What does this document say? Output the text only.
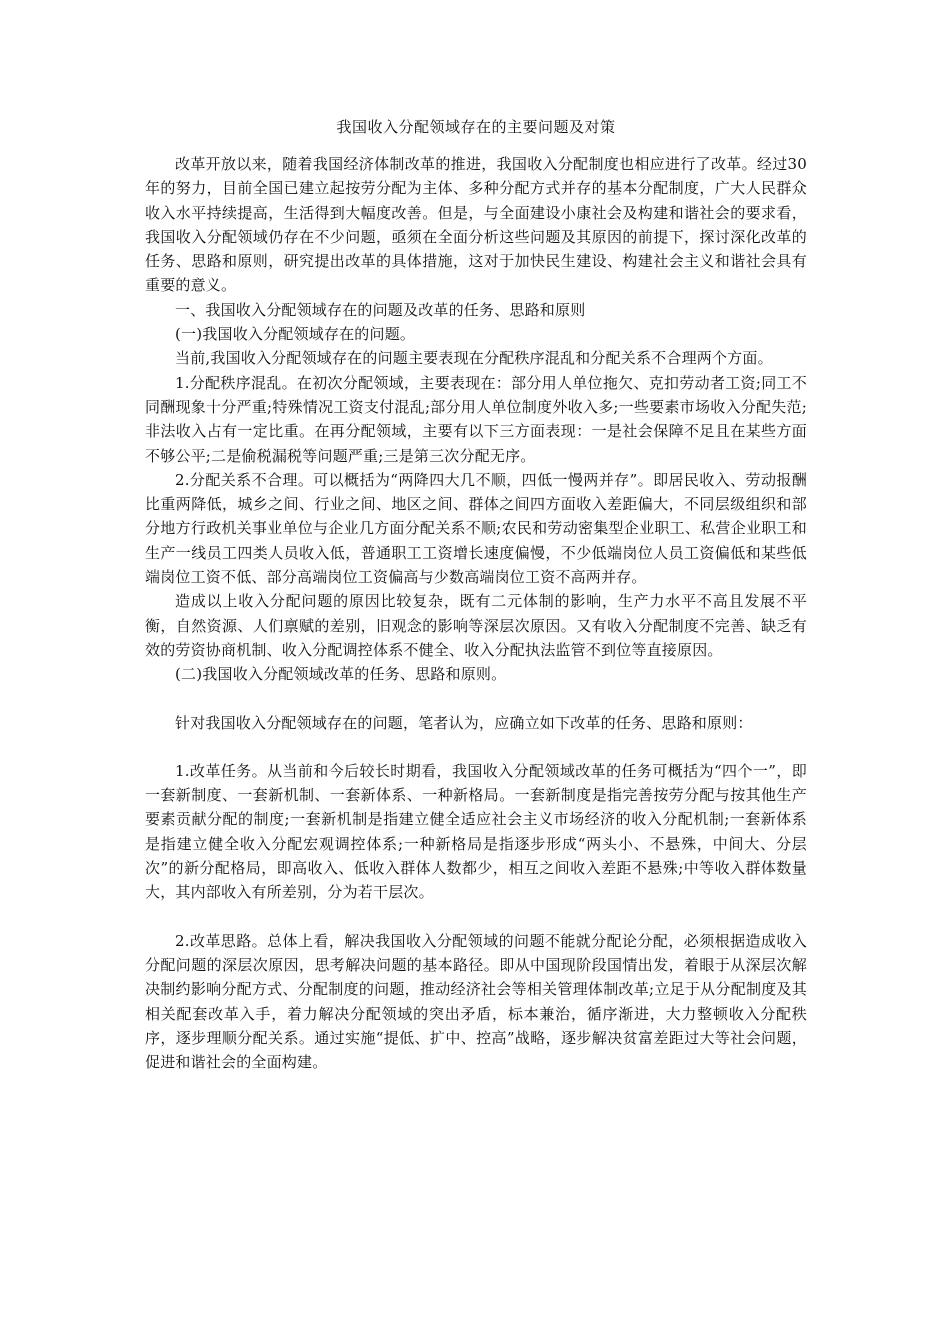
我国收入分配领域存在的主要问题及对策

改革开放以来，随着我国经济体制改革的推进，我国收入分配制度也相应进行了改革。经过30年的努力，目前全国已建立起按劳分配为主体、多种分配方式并存的基本分配制度，广大人民群众收入水平持续提高，生活得到大幅度改善。但是，与全面建设小康社会及构建和谐社会的要求看，我国收入分配领域仍存在不少问题，亟须在全面分析这些问题及其原因的前提下，探讨深化改革的任务、思路和原则，研究提出改革的具体措施，这对于加快民生建设、构建社会主义和谐社会具有重要的意义。

一、我国收入分配领域存在的问题及改革的任务、思路和原则

(一)我国收入分配领域存在的问题。

当前,我国收入分配领域存在的问题主要表现在分配秩序混乱和分配关系不合理两个方面。

1.分配秩序混乱。在初次分配领域，主要表现在：部分用人单位拖欠、克扣劳动者工资;同工不同酬现象十分严重;特殊情况工资支付混乱;部分用人单位制度外收入多;一些要素市场收入分配失范;非法收入占有一定比重。在再分配领域，主要有以下三方面表现：一是社会保障不足且在某些方面不够公平;二是偷税漏税等问题严重;三是第三次分配无序。

2.分配关系不合理。可以概括为“两降四大几不顺，四低一慢两并存”。即居民收入、劳动报酬比重两降低，城乡之间、行业之间、地区之间、群体之间四方面收入差距偏大，不同层级组织和部分地方行政机关事业单位与企业几方面分配关系不顺;农民和劳动密集型企业职工、私营企业职工和生产一线员工四类人员收入低，普通职工工资增长速度偏慢，不少低端岗位人员工资偏低和某些低端岗位工资不低、部分高端岗位工资偏高与少数高端岗位工资不高两并存。

造成以上收入分配问题的原因比较复杂，既有二元体制的影响，生产力水平不高且发展不平衡，自然资源、人们禀赋的差别，旧观念的影响等深层次原因。又有收入分配制度不完善、缺乏有效的劳资协商机制、收入分配调控体系不健全、收入分配执法监管不到位等直接原因。

(二)我国收入分配领域改革的任务、思路和原则。

针对我国收入分配领域存在的问题，笔者认为，应确立如下改革的任务、思路和原则：

1.改革任务。从当前和今后较长时期看，我国收入分配领域改革的任务可概括为“四个一”，即一套新制度、一套新机制、一套新体系、一种新格局。一套新制度是指完善按劳分配与按其他生产要素贡献分配的制度;一套新机制是指建立健全适应社会主义市场经济的收入分配机制;一套新体系是指建立健全收入分配宏观调控体系;一种新格局是指逐步形成“两头小、不悬殊，中间大、分层次”的新分配格局，即高收入、低收入群体人数都少，相互之间收入差距不悬殊;中等收入群体数量大，其内部收入有所差别，分为若干层次。

2.改革思路。总体上看，解决我国收入分配领域的问题不能就分配论分配，必须根据造成收入分配问题的深层次原因，思考解决问题的基本路径。即从中国现阶段国情出发，着眼于从深层次解决制约影响分配方式、分配制度的问题，推动经济社会等相关管理体制改革;立足于从分配制度及其相关配套改革入手，着力解决分配领域的突出矛盾，标本兼治，循序渐进，大力整顿收入分配秩序，逐步理顺分配关系。通过实施“提低、扩中、控高”战略，逐步解决贫富差距过大等社会问题，促进和谐社会的全面构建。
